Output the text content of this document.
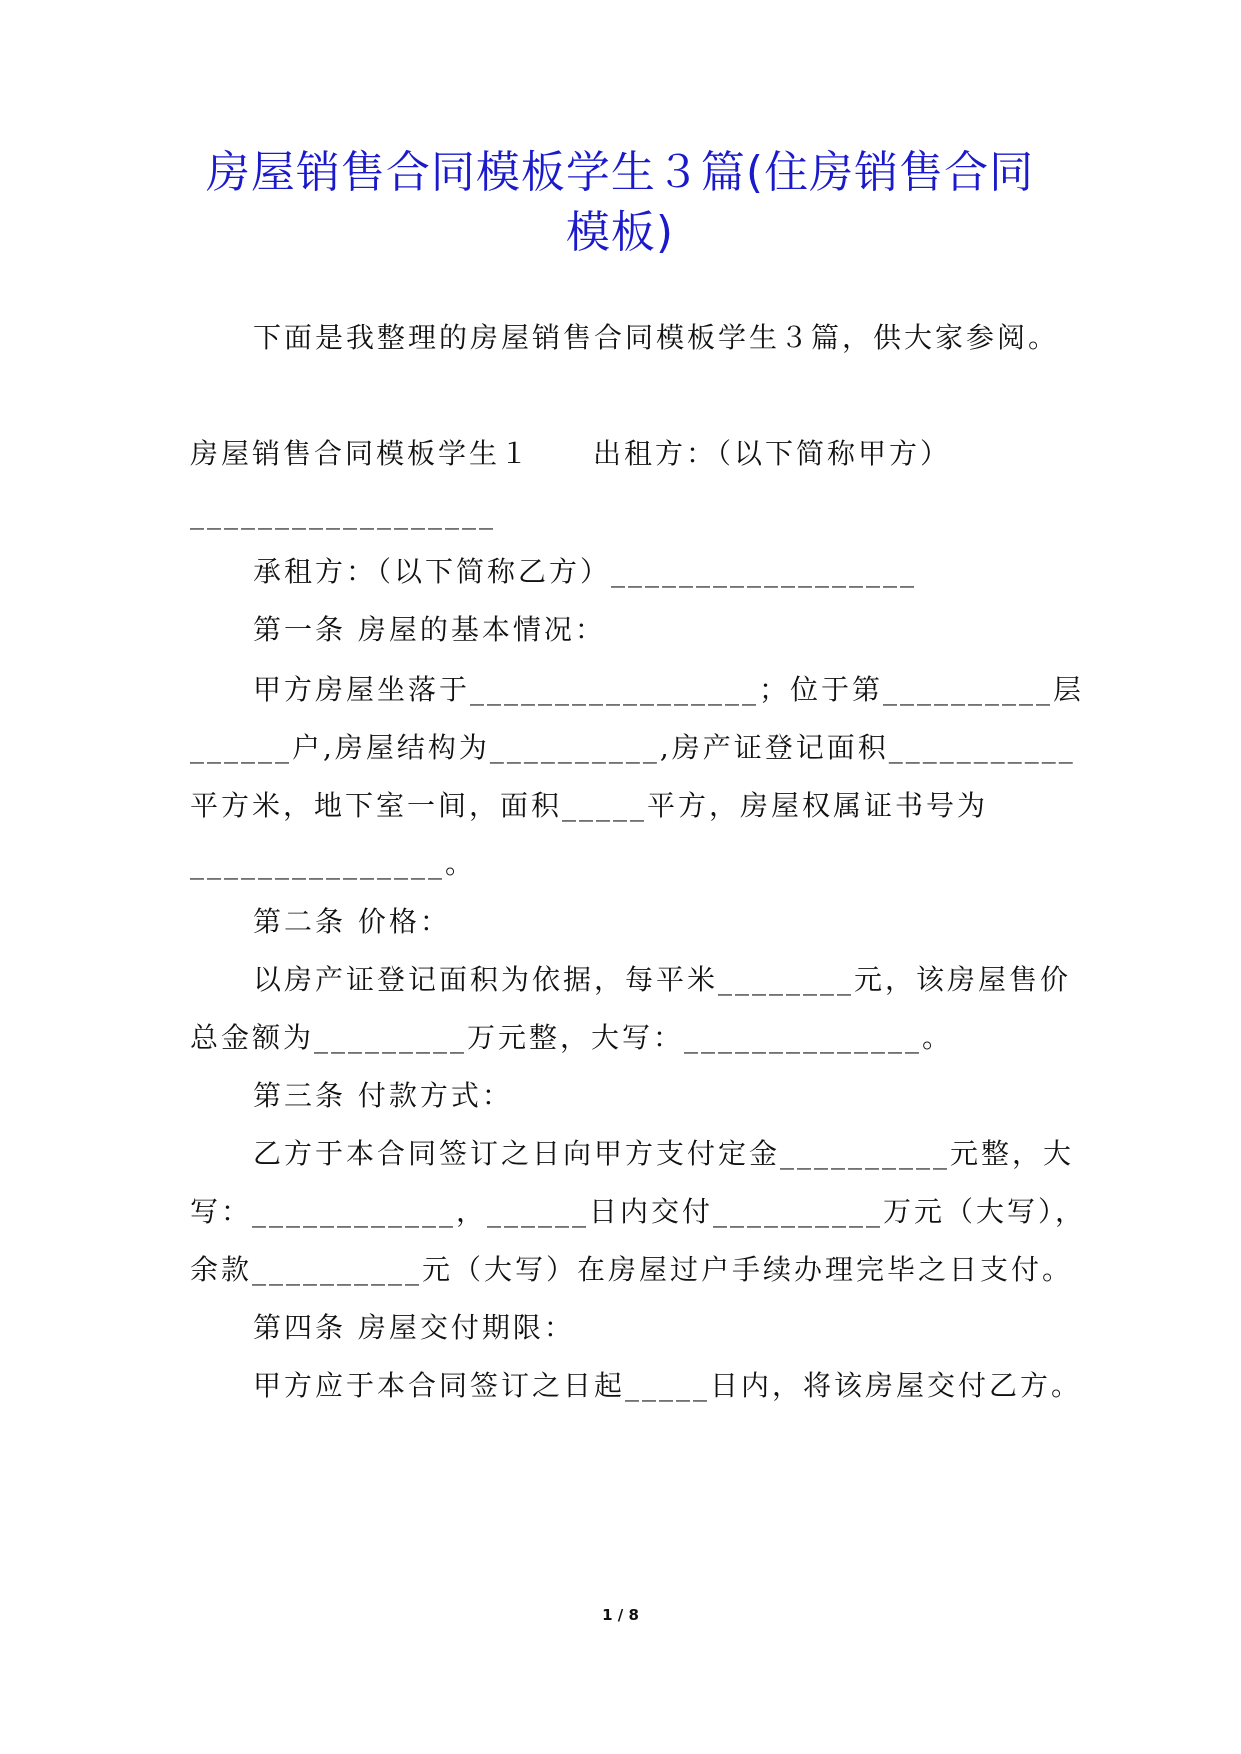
房屋销售合同模板学生３篇(住房销售合同
模板)
下面是我整理的房屋销售合同模板学生３篇，供大家参阅。
房屋销售合同模板学生１　　出租方：（以下简称甲方）
__________________
承租方：（以下简称乙方）__________________
第一条 房屋的基本情况：
甲方房屋坐落于_________________；位于第__________层
______户,房屋结构为__________,房产证登记面积___________
平方米，地下室一间，面积_____平方，房屋权属证书号为
_______________。
第二条 价格：
以房产证登记面积为依据，每平米________元，该房屋售价
总金额为_________万元整，大写：______________。
第三条 付款方式：
乙方于本合同签订之日向甲方支付定金__________元整，大
写：____________，______日内交付__________万元（大写），
余款__________元（大写）在房屋过户手续办理完毕之日支付。
第四条 房屋交付期限：
甲方应于本合同签订之日起_____日内，将该房屋交付乙方。
1 / 8
